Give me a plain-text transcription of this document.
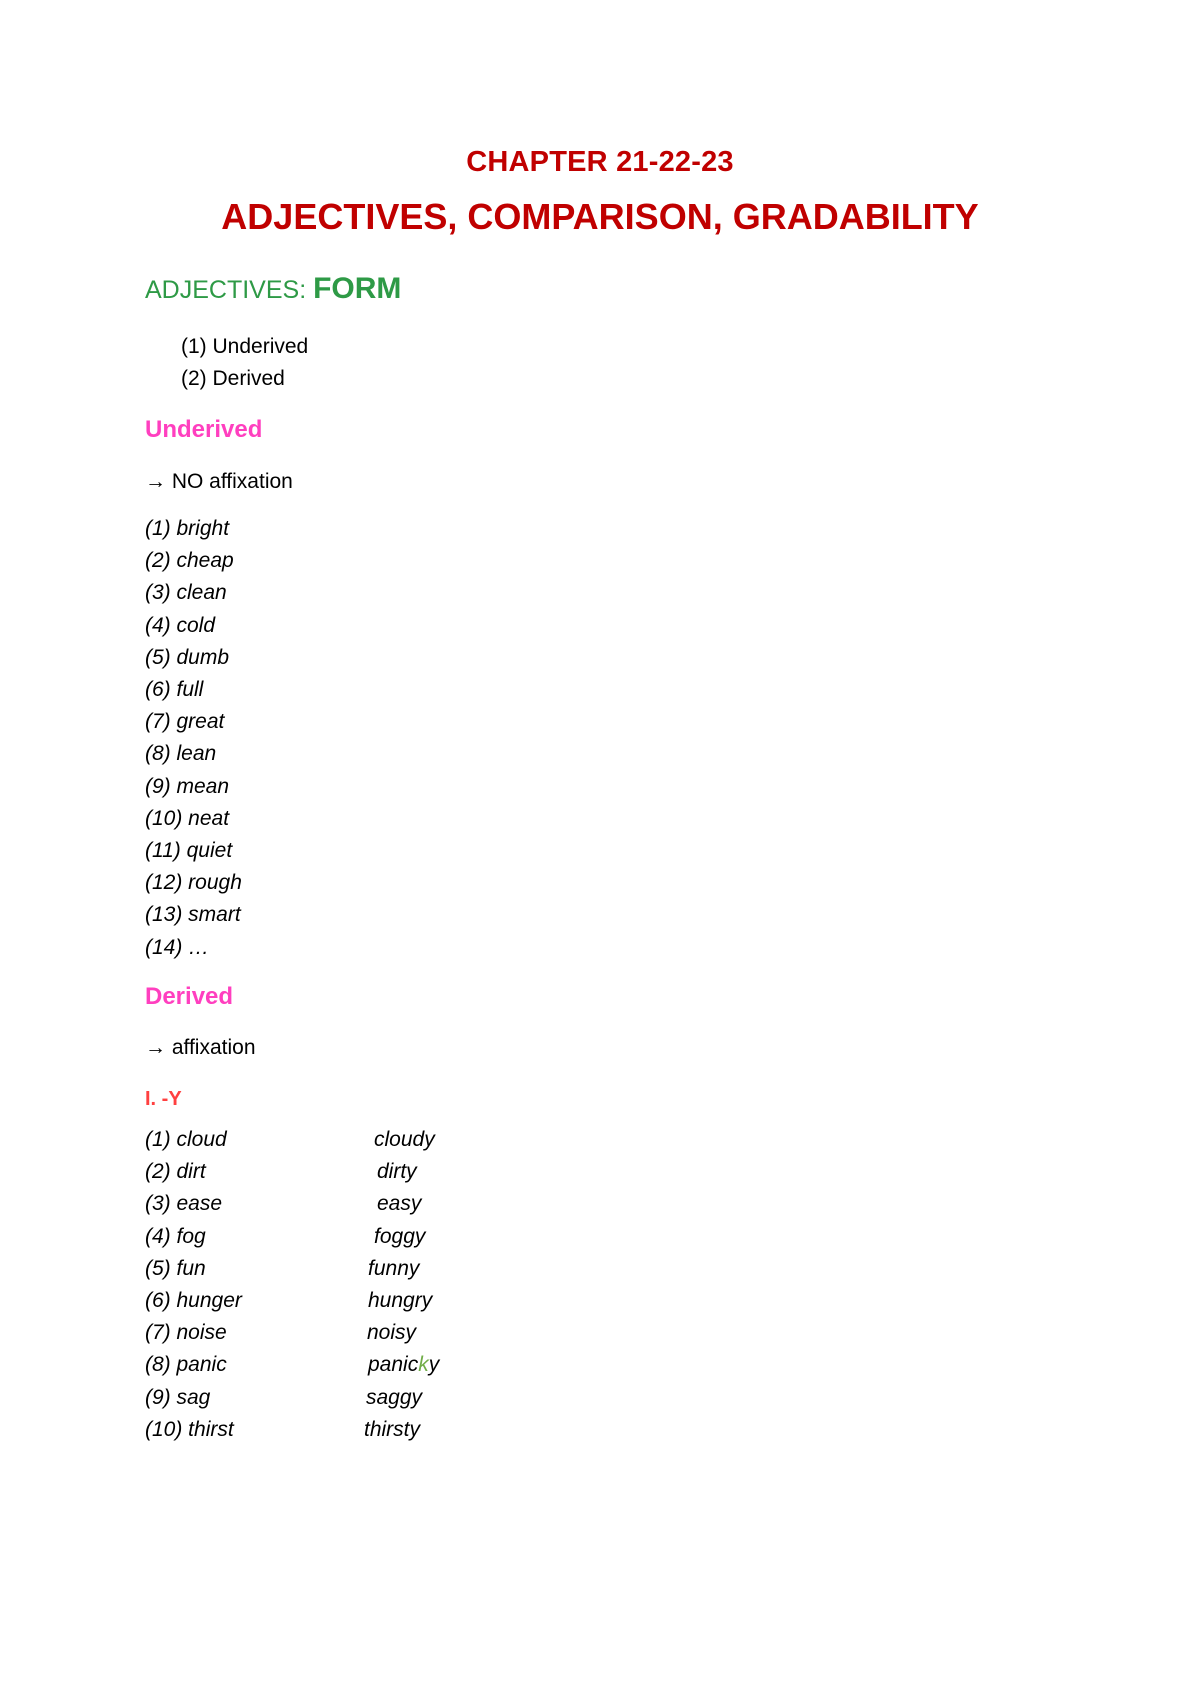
CHAPTER 21-22-23
ADJECTIVES, COMPARISON, GRADABILITY
ADJECTIVES: FORM
(1) Underived
(2) Derived
Underived
→ NO affixation
(1) bright
(2) cheap
(3) clean
(4) cold
(5) dumb
(6) full
(7) great
(8) lean
(9) mean
(10) neat
(11) quiet
(12) rough
(13) smart
(14) …
Derived
→ affixation
I. -Y
(1) cloud	cloudy
(2) dirt	dirty
(3) ease	easy
(4) fog	foggy
(5) fun	funny
(6) hunger	hungry
(7) noise	noisy
(8) panic	panicky
(9) sag	saggy
(10) thirst	thirsty
